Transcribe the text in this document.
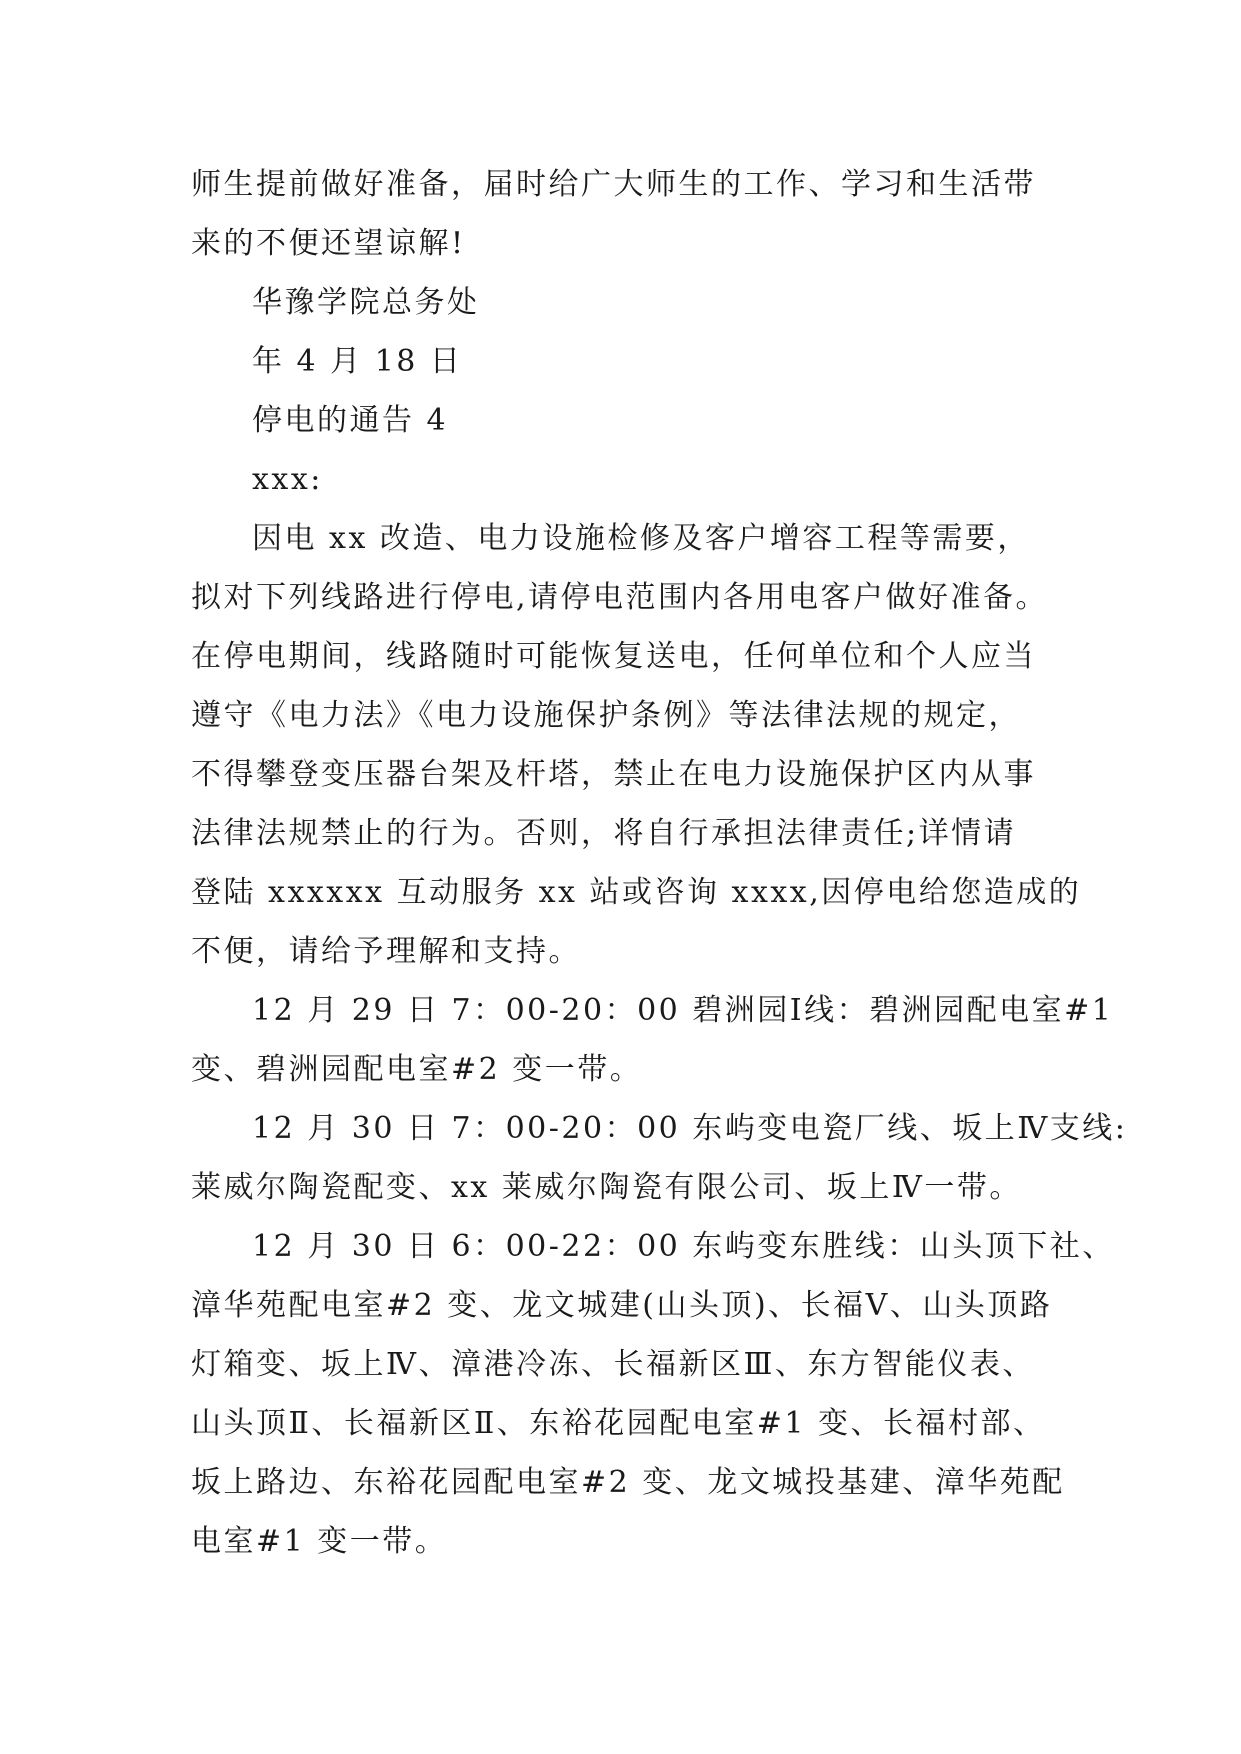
师生提前做好准备，届时给广大师生的工作、学习和生活带
来的不便还望谅解!
华豫学院总务处
年 4 月 18 日
停电的通告 4
xxx:
因电 xx 改造、电力设施检修及客户增容工程等需要，
拟对下列线路进行停电,请停电范围内各用电客户做好准备。
在停电期间，线路随时可能恢复送电，任何单位和个人应当
遵守《电力法》《电力设施保护条例》等法律法规的规定，
不得攀登变压器台架及杆塔，禁止在电力设施保护区内从事
法律法规禁止的行为。否则，将自行承担法律责任;详情请
登陆 xxxxxx 互动服务 xx 站或咨询 xxxx,因停电给您造成的
不便，请给予理解和支持。
12 月 29 日 7：00-20：00 碧洲园Ⅰ线：碧洲园配电室#1
变、碧洲园配电室#2 变一带。
12 月 30 日 7：00-20：00 东屿变电瓷厂线、坂上Ⅳ支线:
莱威尔陶瓷配变、xx 莱威尔陶瓷有限公司、坂上Ⅳ一带。
12 月 30 日 6：00-22：00 东屿变东胜线：山头顶下社、
漳华苑配电室#2 变、龙文城建(山头顶)、长福Ⅴ、山头顶路
灯箱变、坂上Ⅳ、漳港冷冻、长福新区Ⅲ、东方智能仪表、
山头顶Ⅱ、长福新区Ⅱ、东裕花园配电室#1 变、长福村部、
坂上路边、东裕花园配电室#2 变、龙文城投基建、漳华苑配
电室#1 变一带。
